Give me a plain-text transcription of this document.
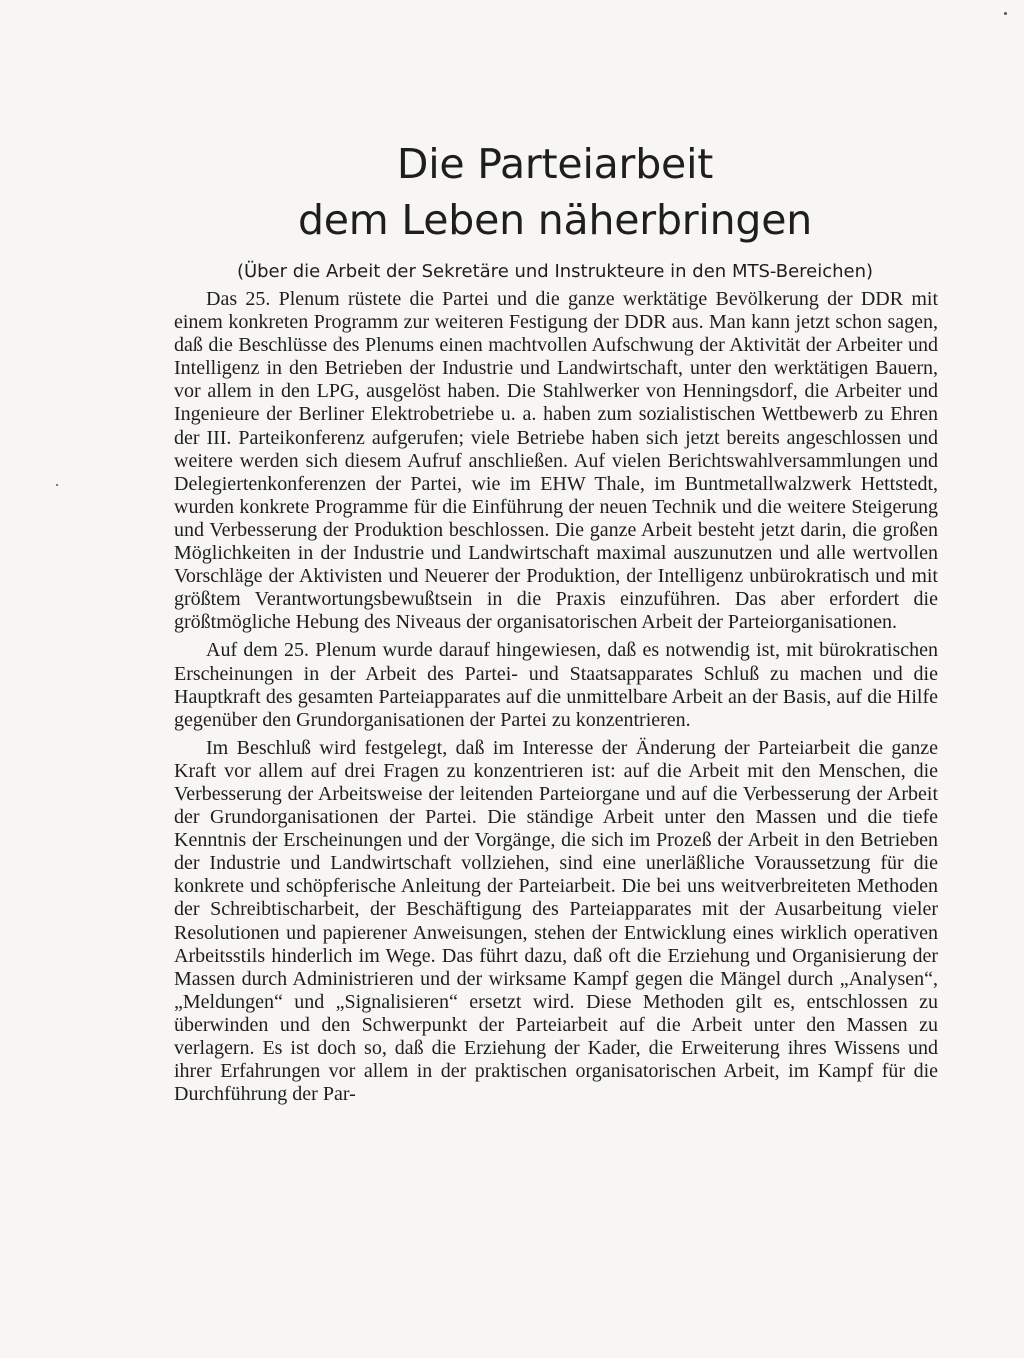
Die Parteiarbeit
dem Leben näherbringen
(Über die Arbeit der Sekretäre und Instrukteure in den MTS-Bereichen)

Das 25. Plenum rüstete die Partei und die ganze werktätige Bevölkerung der DDR mit einem konkreten Programm zur weiteren Festigung der DDR aus. Man kann jetzt schon sagen, daß die Beschlüsse des Plenums einen machtvollen Aufschwung der Aktivität der Arbeiter und Intelligenz in den Betrieben der Industrie und Landwirtschaft, unter den werktätigen Bauern, vor allem in den LPG, ausgelöst haben. Die Stahlwerker von Henningsdorf, die Arbeiter und Ingenieure der Berliner Elektrobetriebe u. a. haben zum sozialistischen Wettbewerb zu Ehren der III. Parteikonferenz aufgerufen; viele Betriebe haben sich jetzt bereits angeschlossen und weitere werden sich diesem Aufruf anschließen. Auf vielen Berichtswahlversammlungen und Delegiertenkonferenzen der Partei, wie im EHW Thale, im Buntmetallwalzwerk Hettstedt, wurden konkrete Programme für die Einführung der neuen Technik und die weitere Steigerung und Verbesserung der Produktion beschlossen. Die ganze Arbeit besteht jetzt darin, die großen Möglichkeiten in der Industrie und Landwirtschaft maximal auszunutzen und alle wertvollen Vorschläge der Aktivisten und Neuerer der Produktion, der Intelligenz unbürokratisch und mit größtem Verantwortungsbewußtsein in die Praxis einzuführen. Das aber erfordert die größtmögliche Hebung des Niveaus der organisatorischen Arbeit der Parteiorganisationen.

Auf dem 25. Plenum wurde darauf hingewiesen, daß es notwendig ist, mit bürokratischen Erscheinungen in der Arbeit des Partei- und Staatsapparates Schluß zu machen und die Hauptkraft des gesamten Parteiapparates auf die unmittelbare Arbeit an der Basis, auf die Hilfe gegenüber den Grundorganisationen der Partei zu konzentrieren.

Im Beschluß wird festgelegt, daß im Interesse der Änderung der Parteiarbeit die ganze Kraft vor allem auf drei Fragen zu konzentrieren ist: auf die Arbeit mit den Menschen, die Verbesserung der Arbeitsweise der leitenden Parteiorgane und auf die Verbesserung der Arbeit der Grundorganisationen der Partei. Die ständige Arbeit unter den Massen und die tiefe Kenntnis der Erscheinungen und der Vorgänge, die sich im Prozeß der Arbeit in den Betrieben der Industrie und Landwirtschaft vollziehen, sind eine unerläßliche Voraussetzung für die konkrete und schöpferische Anleitung der Parteiarbeit. Die bei uns weitverbreiteten Methoden der Schreibtischarbeit, der Beschäftigung des Parteiapparates mit der Ausarbeitung vieler Resolutionen und papierener Anweisungen, stehen der Entwicklung eines wirklich operativen Arbeitsstils hinderlich im Wege. Das führt dazu, daß oft die Erziehung und Organisierung der Massen durch Administrieren und der wirksame Kampf gegen die Mängel durch „Analysen“, „Meldungen“ und „Signalisieren“ ersetzt wird. Diese Methoden gilt es, entschlossen zu überwinden und den Schwerpunkt der Parteiarbeit auf die Arbeit unter den Massen zu verlagern. Es ist doch so, daß die Erziehung der Kader, die Erweiterung ihres Wissens und ihrer Erfahrungen vor allem in der praktischen organisatorischen Arbeit, im Kampf für die Durchführung der Par-
